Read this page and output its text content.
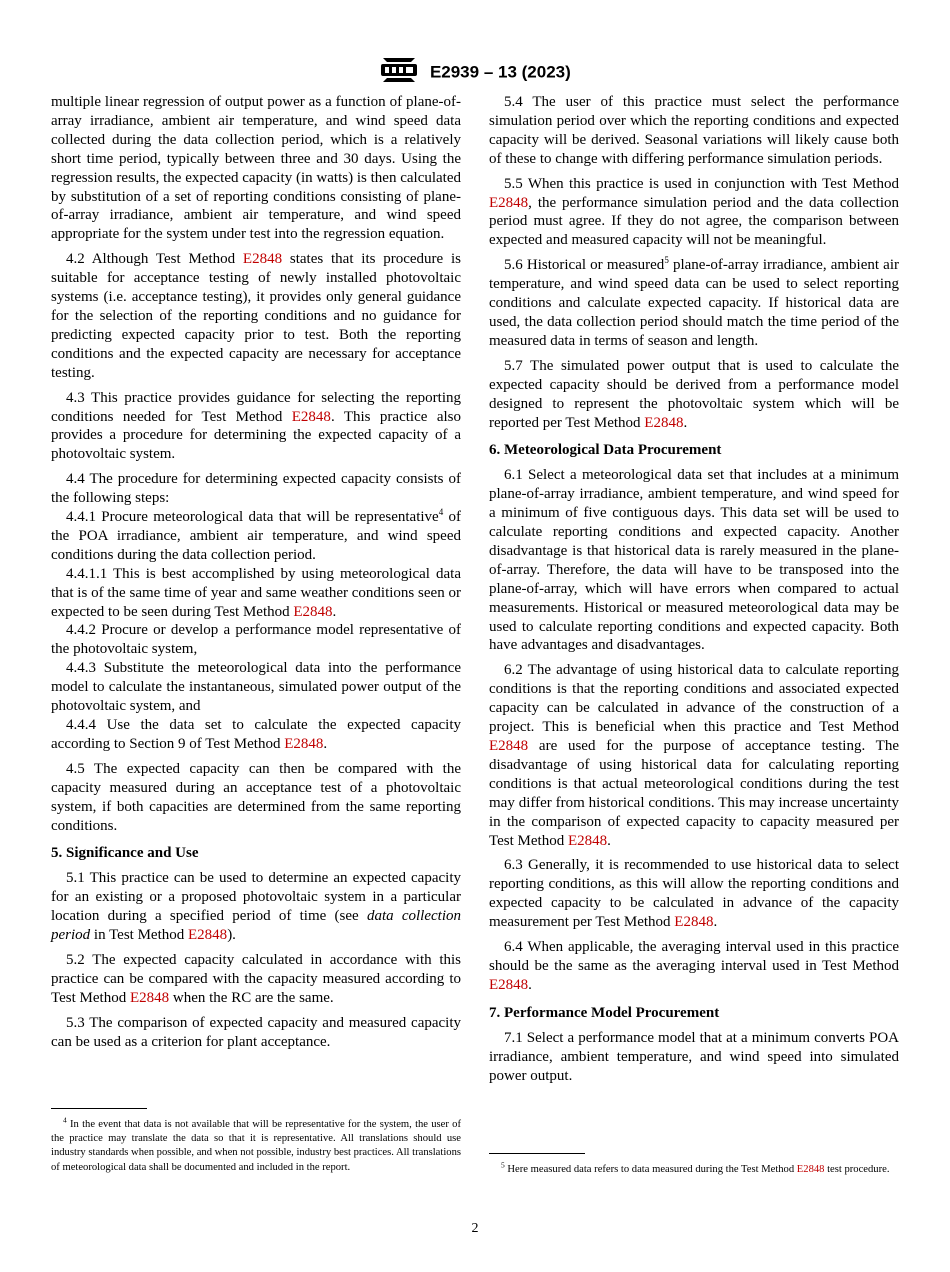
E2939 – 13 (2023)

multiple linear regression of output power as a function of plane-of-array irradiance, ambient air temperature, and wind speed data collected during the data collection period, which is a relatively short time period, typically between three and 30 days. Using the regression results, the expected capacity (in watts) is then calculated by substitution of a set of reporting conditions consisting of plane-of-array irradiance, ambient air temperature, and wind speed appropriate for the system under test into the regression equation.

4.2 Although Test Method E2848 states that its procedure is suitable for acceptance testing of newly installed photovoltaic systems (i.e. acceptance testing), it provides only general guidance for the selection of the reporting conditions and no guidance for predicting expected capacity prior to test. Both the reporting conditions and the expected capacity are necessary for acceptance testing.

4.3 This practice provides guidance for selecting the reporting conditions needed for Test Method E2848. This practice also provides a procedure for determining the expected capacity of a photovoltaic system.

4.4 The procedure for determining expected capacity consists of the following steps:

4.4.1 Procure meteorological data that will be representative$^4$ of the POA irradiance, ambient air temperature, and wind speed conditions during the data collection period.

4.4.1.1 This is best accomplished by using meteorological data that is of the same time of year and same weather conditions seen or expected to be seen during Test Method E2848.

4.4.2 Procure or develop a performance model representative of the photovoltaic system,

4.4.3 Substitute the meteorological data into the performance model to calculate the instantaneous, simulated power output of the photovoltaic system, and

4.4.4 Use the data set to calculate the expected capacity according to Section 9 of Test Method E2848.

4.5 The expected capacity can then be compared with the capacity measured during an acceptance test of a photovoltaic system, if both capacities are determined from the same reporting conditions.

5. Significance and Use

5.1 This practice can be used to determine an expected capacity for an existing or a proposed photovoltaic system in a particular location during a specified period of time (see data collection period in Test Method E2848).

5.2 The expected capacity calculated in accordance with this practice can be compared with the capacity measured according to Test Method E2848 when the RC are the same.

5.3 The comparison of expected capacity and measured capacity can be used as a criterion for plant acceptance.

5.4 The user of this practice must select the performance simulation period over which the reporting conditions and expected capacity will be derived. Seasonal variations will likely cause both of these to change with differing performance simulation periods.

5.5 When this practice is used in conjunction with Test Method E2848, the performance simulation period and the data collection period must agree. If they do not agree, the comparison between expected and measured capacity will not be meaningful.

5.6 Historical or measured$^5$ plane-of-array irradiance, ambient air temperature, and wind speed data can be used to select reporting conditions and calculate expected capacity. If historical data are used, the data collection period should match the time period of the measured data in terms of season and length.

5.7 The simulated power output that is used to calculate the expected capacity should be derived from a performance model designed to represent the photovoltaic system which will be reported per Test Method E2848.

6. Meteorological Data Procurement

6.1 Select a meteorological data set that includes at a minimum plane-of-array irradiance, ambient temperature, and wind speed for a minimum of five contiguous days. This data set will be used to calculate reporting conditions and expected capacity. Another disadvantage is that historical data is rarely measured in the plane-of-array. Therefore, the data will have to be transposed into the plane-of-array, which will have errors when compared to actual measurements. Historical or measured meteorological data may be used to calculate reporting conditions and expected capacity. Both have advantages and disadvantages.

6.2 The advantage of using historical data to calculate reporting conditions is that the reporting conditions and associated expected capacity can be calculated in advance of the construction of a project. This is beneficial when this practice and Test Method E2848 are used for the purpose of acceptance testing. The disadvantage of using historical data for calculating reporting conditions is that actual meteorological conditions during the test may differ from historical conditions. This may increase uncertainty in the comparison of expected capacity to capacity measured per Test Method E2848.

6.3 Generally, it is recommended to use historical data to select reporting conditions, as this will allow the reporting conditions and expected capacity to be calculated in advance of the capacity measurement per Test Method E2848.

6.4 When applicable, the averaging interval used in this practice should be the same as the averaging interval used in Test Method E2848.

7. Performance Model Procurement

7.1 Select a performance model that at a minimum converts POA irradiance, ambient temperature, and wind speed into simulated power output.

$^4$ In the event that data is not available that will be representative for the system, the user of the practice may translate the data so that it is representative. All translations should use industry standards when possible, and when not possible, industry best practices. All translations of meteorological data shall be documented and included in the report.	$^5$ Here measured data refers to data measured during the Test Method E2848 test procedure.
2
